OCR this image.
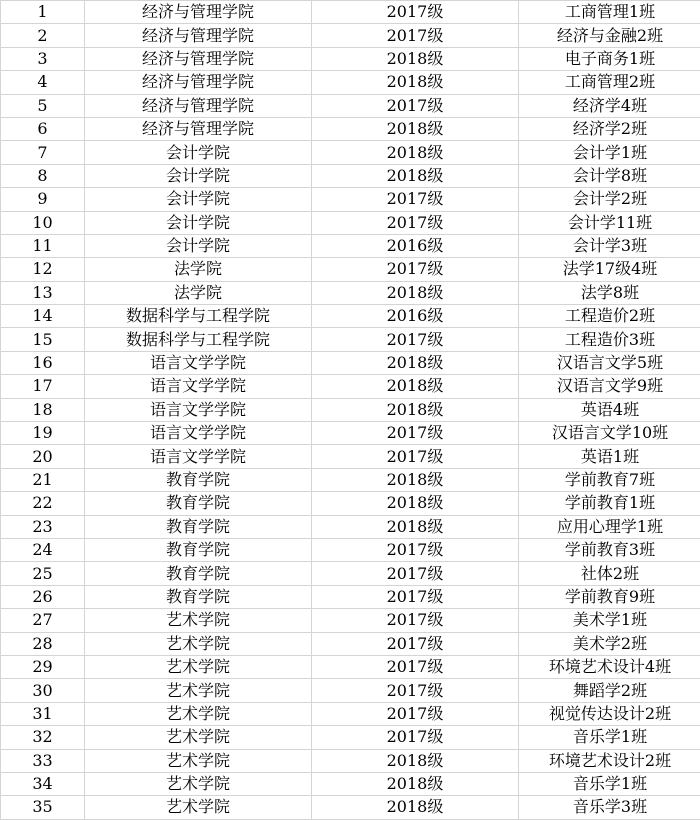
1	经济与管理学院	2017级	工商管理1班
2	经济与管理学院	2017级	经济与金融2班
3	经济与管理学院	2018级	电子商务1班
4	经济与管理学院	2018级	工商管理2班
5	经济与管理学院	2017级	经济学4班
6	经济与管理学院	2018级	经济学2班
7	会计学院	2018级	会计学1班
8	会计学院	2018级	会计学8班
9	会计学院	2017级	会计学2班
10	会计学院	2017级	会计学11班
11	会计学院	2016级	会计学3班
12	法学院	2017级	法学17级4班
13	法学院	2018级	法学8班
14	数据科学与工程学院	2016级	工程造价2班
15	数据科学与工程学院	2017级	工程造价3班
16	语言文学学院	2018级	汉语言文学5班
17	语言文学学院	2018级	汉语言文学9班
18	语言文学学院	2018级	英语4班
19	语言文学学院	2017级	汉语言文学10班
20	语言文学学院	2017级	英语1班
21	教育学院	2018级	学前教育7班
22	教育学院	2018级	学前教育1班
23	教育学院	2018级	应用心理学1班
24	教育学院	2017级	学前教育3班
25	教育学院	2017级	社体2班
26	教育学院	2017级	学前教育9班
27	艺术学院	2017级	美术学1班
28	艺术学院	2017级	美术学2班
29	艺术学院	2017级	环境艺术设计4班
30	艺术学院	2017级	舞蹈学2班
31	艺术学院	2017级	视觉传达设计2班
32	艺术学院	2017级	音乐学1班
33	艺术学院	2018级	环境艺术设计2班
34	艺术学院	2018级	音乐学1班
35	艺术学院	2018级	音乐学3班
